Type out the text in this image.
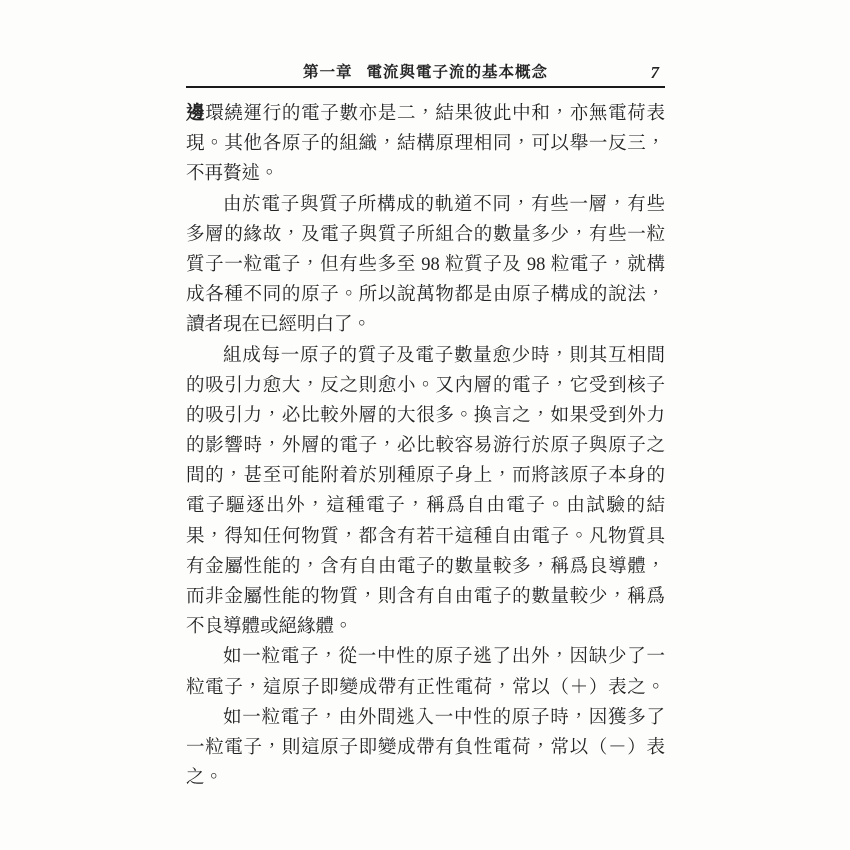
第一章 電流與電子流的基本概念	7
邊環繞運行的電子數亦是二，結果彼此中和，亦無電荷表
現。其他各原子的組織，結構原理相同，可以舉一反三，
不再贅述。
由於電子與質子所構成的軌道不同，有些一層，有些
多層的緣故，及電子與質子所組合的數量多少，有些一粒
質子一粒電子，但有些多至 98 粒質子及 98 粒電子，就構
成各種不同的原子。所以說萬物都是由原子構成的說法，
讀者現在已經明白了。
組成每一原子的質子及電子數量愈少時，則其互相間
的吸引力愈大，反之則愈小。又內層的電子，它受到核子
的吸引力，必比較外層的大很多。換言之，如果受到外力
的影響時，外層的電子，必比較容易游行於原子與原子之
間的，甚至可能附着於別種原子身上，而將該原子本身的
電子驅逐出外，這種電子，稱爲自由電子。由試驗的結
果，得知任何物質，都含有若干這種自由電子。凡物質具
有金屬性能的，含有自由電子的數量較多，稱爲良導體，
而非金屬性能的物質，則含有自由電子的數量較少，稱爲
不良導體或絕緣體。
如一粒電子，從一中性的原子逃了出外，因缺少了一
粒電子，這原子即變成帶有正性電荷，常以（＋）表之。
如一粒電子，由外間逃入一中性的原子時，因獲多了
一粒電子，則這原子即變成帶有負性電荷，常以（－）表
之。
